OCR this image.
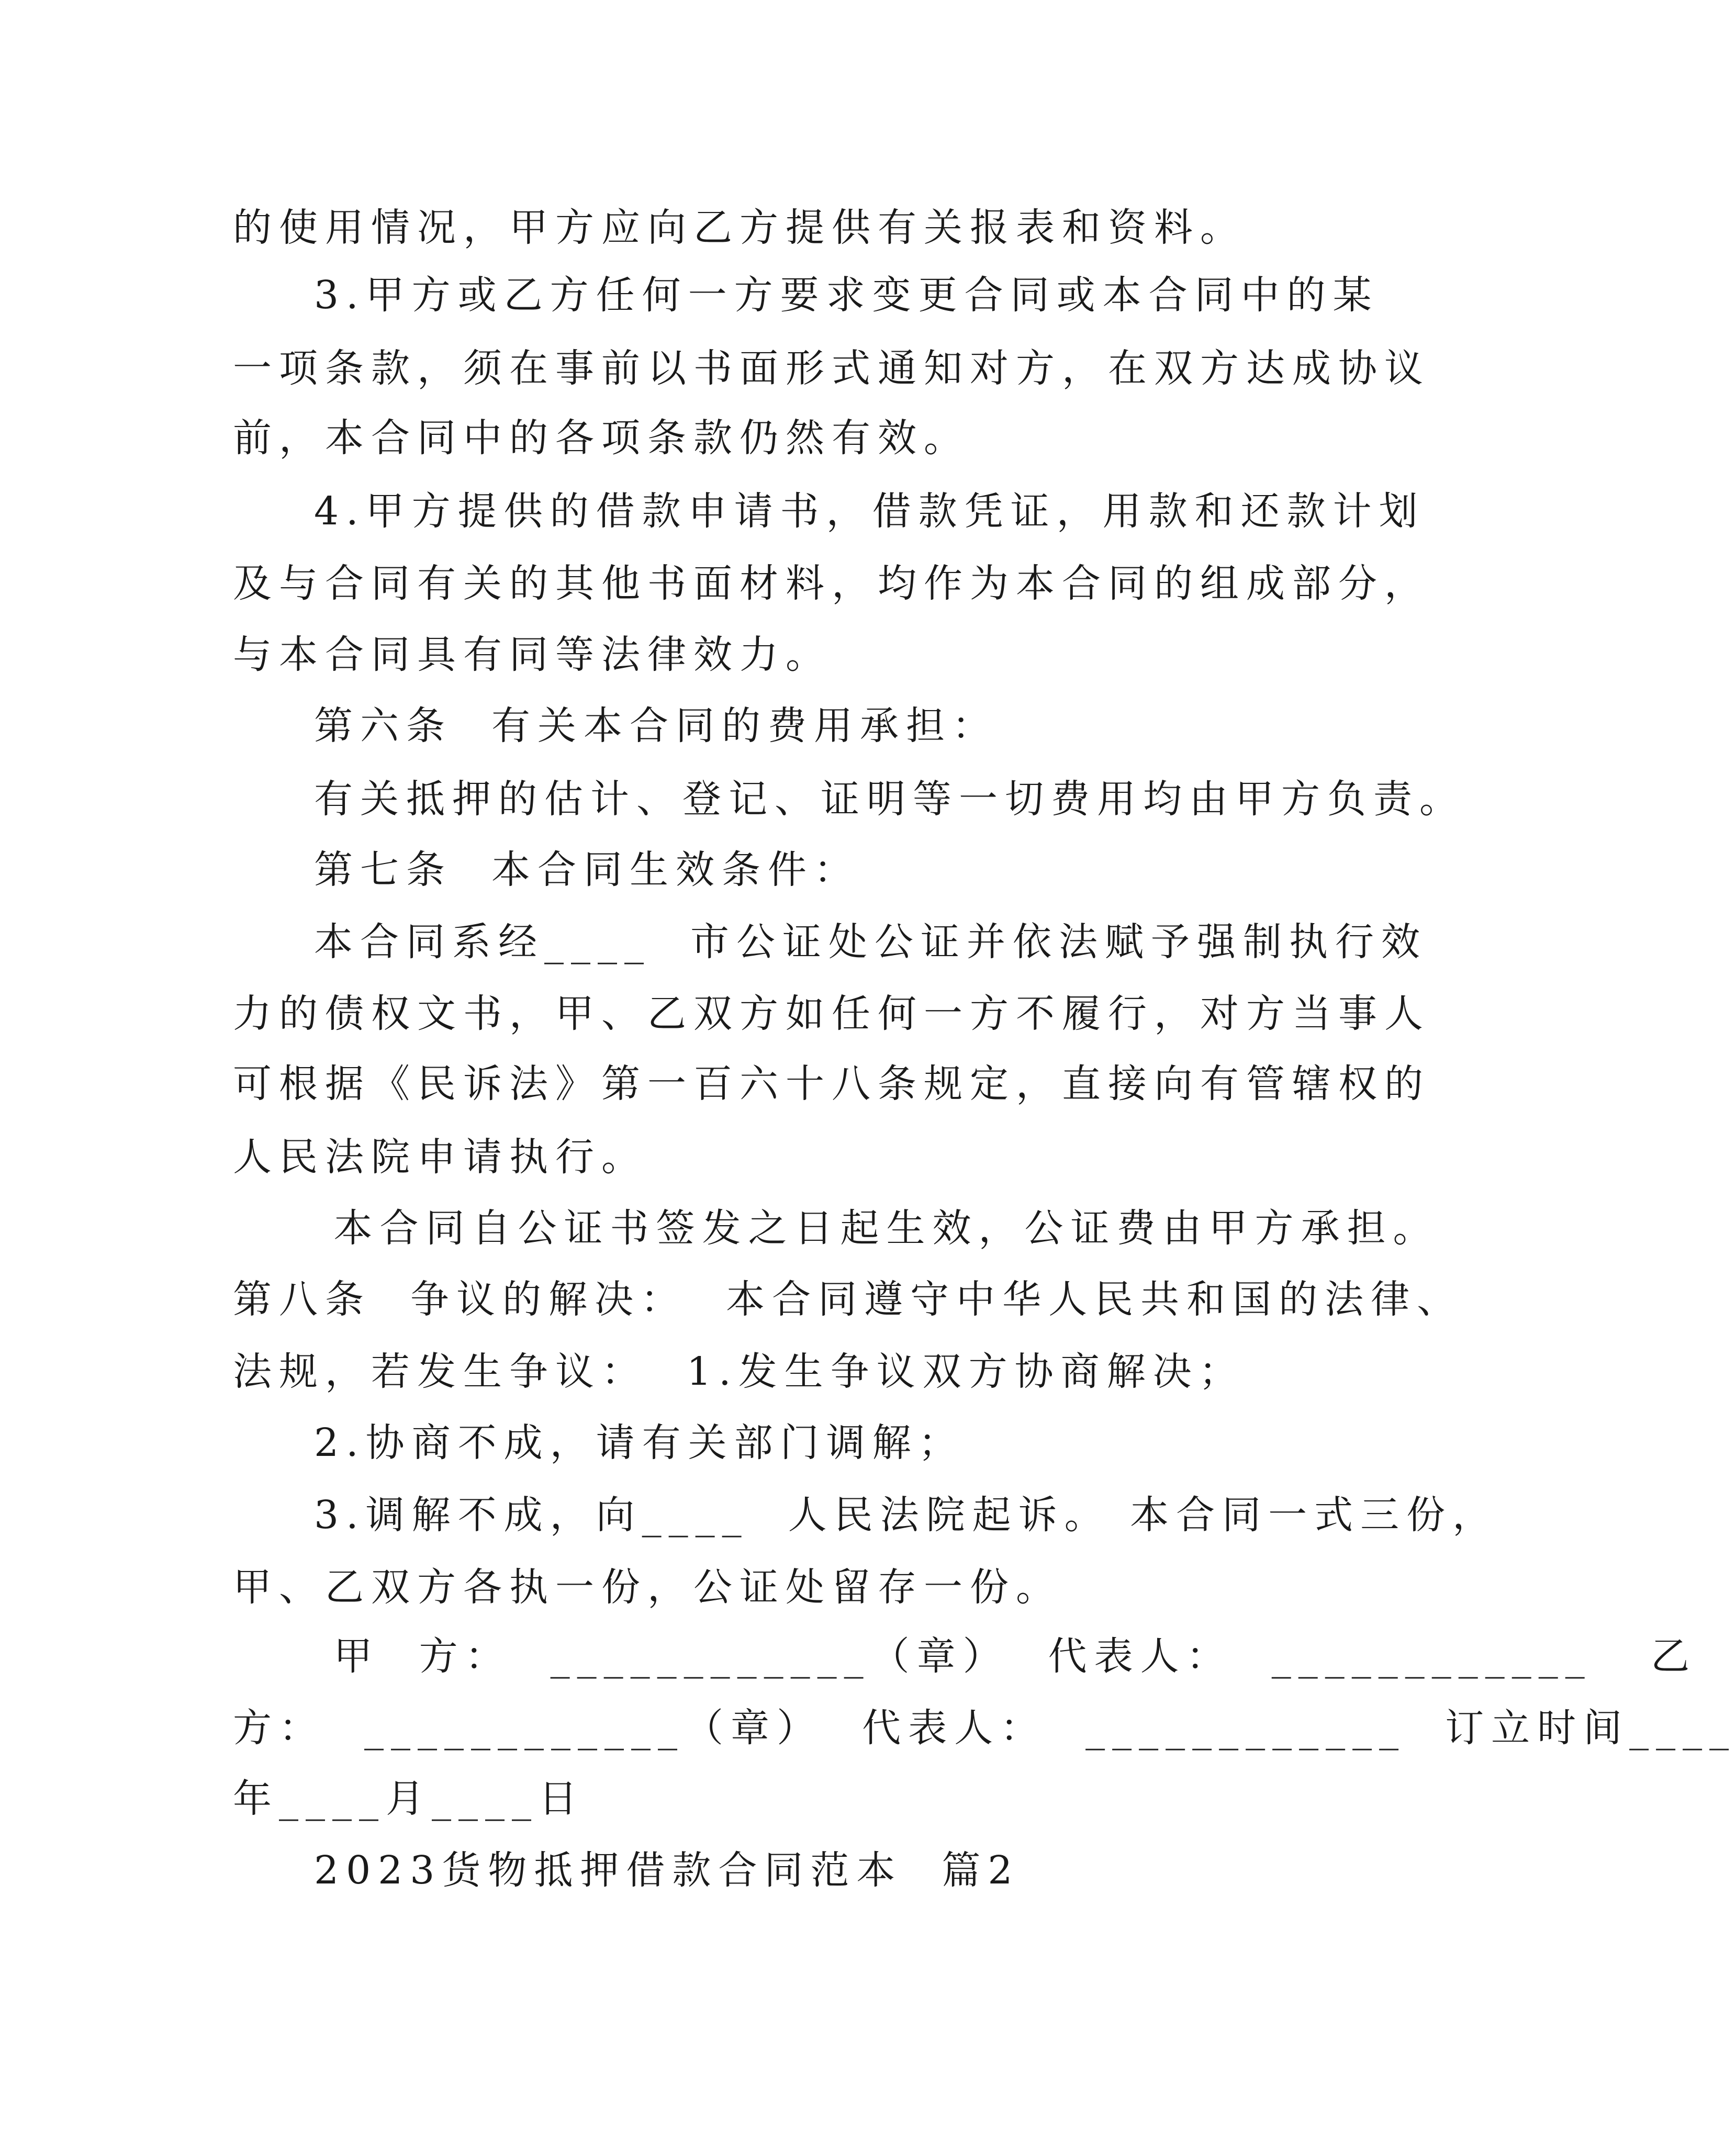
的使用情况，甲方应向乙方提供有关报表和资料。

3.甲方或乙方任何一方要求变更合同或本合同中的某

一项条款，须在事前以书面形式通知对方，在双方达成协议

前，本合同中的各项条款仍然有效。

4.甲方提供的借款申请书，借款凭证，用款和还款计划

及与合同有关的其他书面材料，均作为本合同的组成部分，

与本合同具有同等法律效力。

第六条  有关本合同的费用承担：

有关抵押的估计、登记、证明等一切费用均由甲方负责。

第七条  本合同生效条件：

本合同系经____  市公证处公证并依法赋予强制执行效

力的债权文书，甲、乙双方如任何一方不履行，对方当事人

可根据《民诉法》第一百六十八条规定，直接向有管辖权的

人民法院申请执行。

本合同自公证书签发之日起生效，公证费由甲方承担。

第八条  争议的解决：  本合同遵守中华人民共和国的法律、

法规，若发生争议：  1.发生争议双方协商解决；

2.协商不成，请有关部门调解；

3.调解不成，向____  人民法院起诉。 本合同一式三份，

甲、乙双方各执一份，公证处留存一份。

甲  方：  ____________（章）  代表人：  ____________   乙

方：  ____________（章）  代表人：  ____________  订立时间____

年____月____日

2023货物抵押借款合同范本  篇2
